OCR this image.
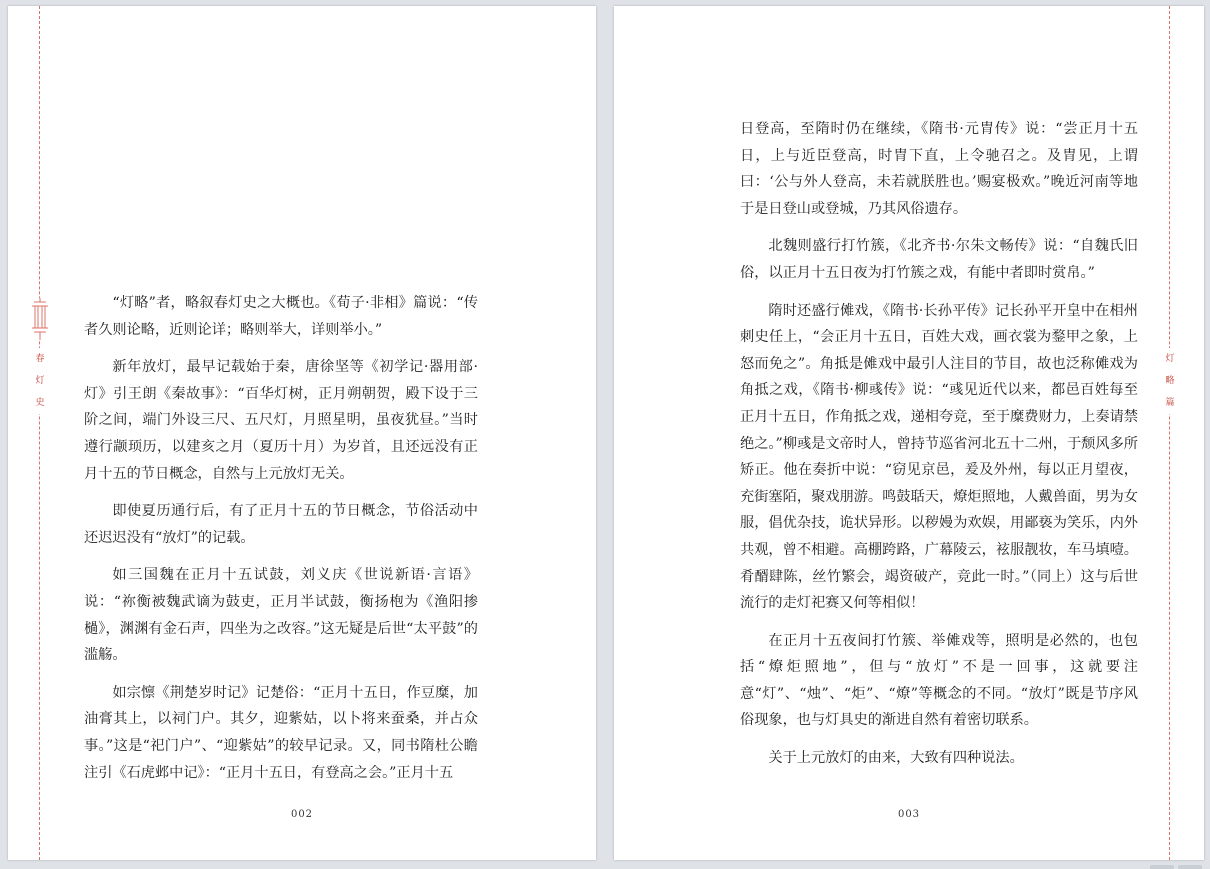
春
灯
史

“灯略”者，略叙春灯史之大概也。《荀子·非相》篇说：“传者久则论略，近则论详；略则举大，详则举小。”

新年放灯，最早记载始于秦，唐徐坚等《初学记·器用部·灯》引王朗《秦故事》：“百华灯树，正月朔朝贺，殿下设于三阶之间，端门外设三尺、五尺灯，月照星明，虽夜犹昼。”当时遵行颛顼历，以建亥之月（夏历十月）为岁首，且还远没有正月十五的节日概念，自然与上元放灯无关。

即使夏历通行后，有了正月十五的节日概念，节俗活动中还迟迟没有“放灯”的记载。

如三国魏在正月十五试鼓，刘义庆《世说新语·言语》说：“祢衡被魏武谪为鼓吏，正月半试鼓，衡扬枹为《渔阳掺檛》，渊渊有金石声，四坐为之改容。”这无疑是后世“太平鼓”的滥觞。

如宗懔《荆楚岁时记》记楚俗：“正月十五日，作豆糜，加油膏其上，以祠门户。其夕，迎紫姑，以卜将来蚕桑，并占众事。”这是“祀门户”、“迎紫姑”的较早记录。又，同书隋杜公瞻注引《石虎邺中记》：“正月十五日，有登高之会。”正月十五

002
灯
略
篇

日登高，至隋时仍在继续，《隋书·元胄传》说：“尝正月十五日，上与近臣登高，时胄下直，上令驰召之。及胄见，上谓曰：‘公与外人登高，未若就朕胜也。’赐宴极欢。”晚近河南等地于是日登山或登城，乃其风俗遗存。

北魏则盛行打竹簇，《北齐书·尔朱文畅传》说：“自魏氏旧俗，以正月十五日夜为打竹簇之戏，有能中者即时赏帛。”

隋时还盛行傩戏，《隋书·长孙平传》记长孙平开皇中在相州刺史任上，“会正月十五日，百姓大戏，画衣裳为鍪甲之象，上怒而免之”。角抵是傩戏中最引人注目的节目，故也泛称傩戏为角抵之戏，《隋书·柳彧传》说：“彧见近代以来，都邑百姓每至正月十五日，作角抵之戏，递相夸竞，至于糜费财力，上奏请禁绝之。”柳彧是文帝时人，曾持节巡省河北五十二州，于颓风多所矫正。他在奏折中说：“窃见京邑，爰及外州，每以正月望夜，充街塞陌，聚戏朋游。鸣鼓聒天，燎炬照地，人戴兽面，男为女服，倡优杂技，诡状异形。以秽嫚为欢娱，用鄙亵为笑乐，内外共观，曾不相避。高棚跨路，广幕陵云，袨服靓妆，车马填噎。肴醑肆陈，丝竹繁会，竭资破产，竞此一时。”（同上）这与后世流行的走灯祀赛又何等相似！

在正月十五夜间打竹簇、举傩戏等，照明是必然的，也包括“燎炬照地”，但与“放灯”不是一回事，这就要注意“灯”、“烛”、“炬”、“燎”等概念的不同。“放灯”既是节序风俗现象，也与灯具史的渐进自然有着密切联系。

关于上元放灯的由来，大致有四种说法。

003
